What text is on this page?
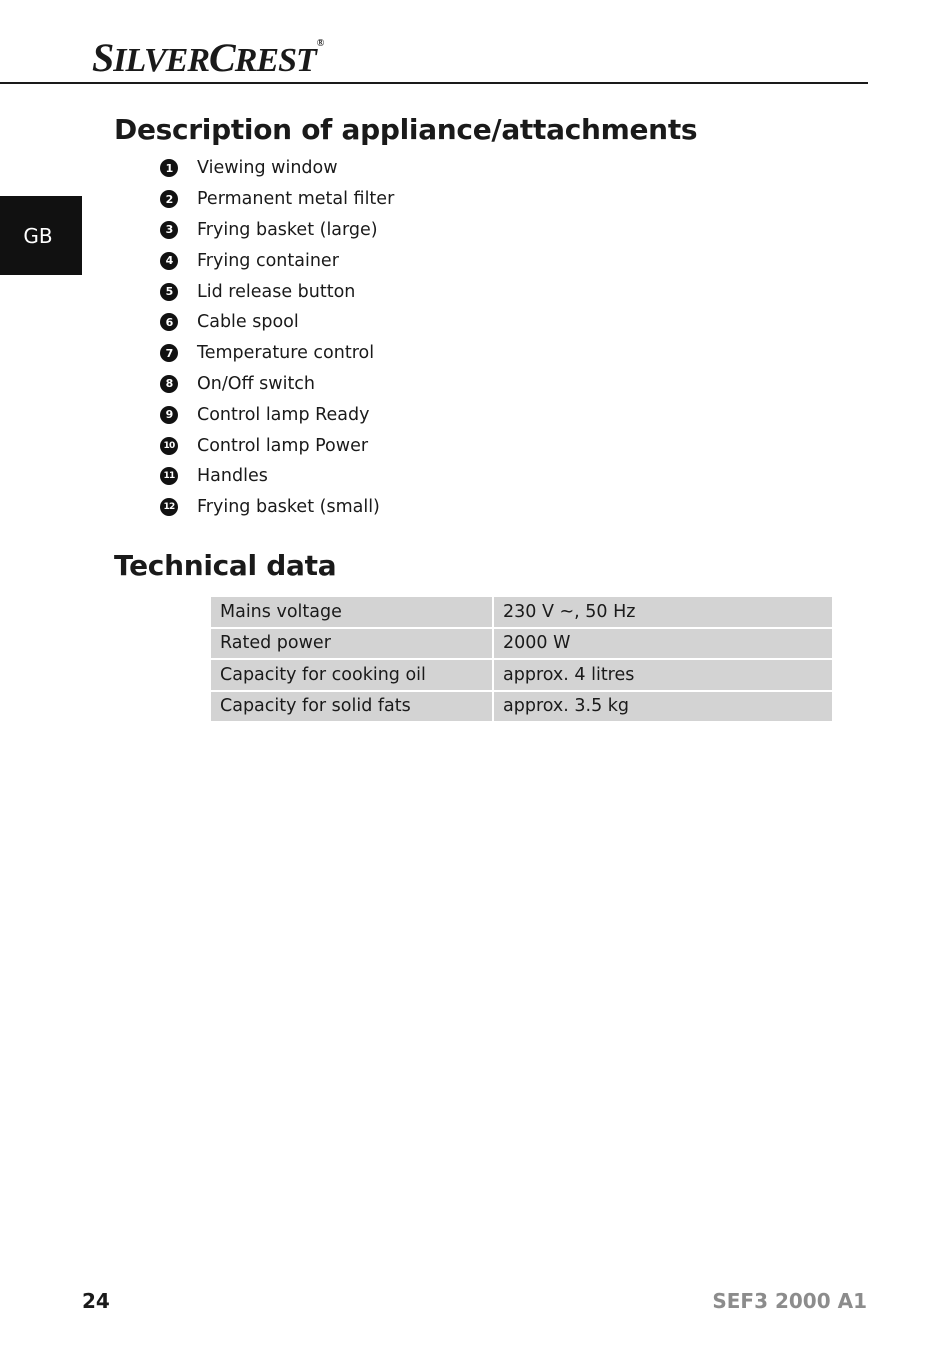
SILVERCREST®
GB
Description of appliance/attachments
1	Viewing window
2	Permanent metal filter
3	Frying basket (large)
4	Frying container
5	Lid release button
6	Cable spool
7	Temperature control
8	On/Off switch
9	Control lamp Ready
10 Control lamp Power
11 Handles
12 Frying basket (small)
Technical data
Mains voltage	230 V ~, 50 Hz
Rated power	2000 W
Capacity for cooking oil	approx. 4 litres
Capacity for solid fats	approx. 3.5 kg
24	SEF3 2000 A1
